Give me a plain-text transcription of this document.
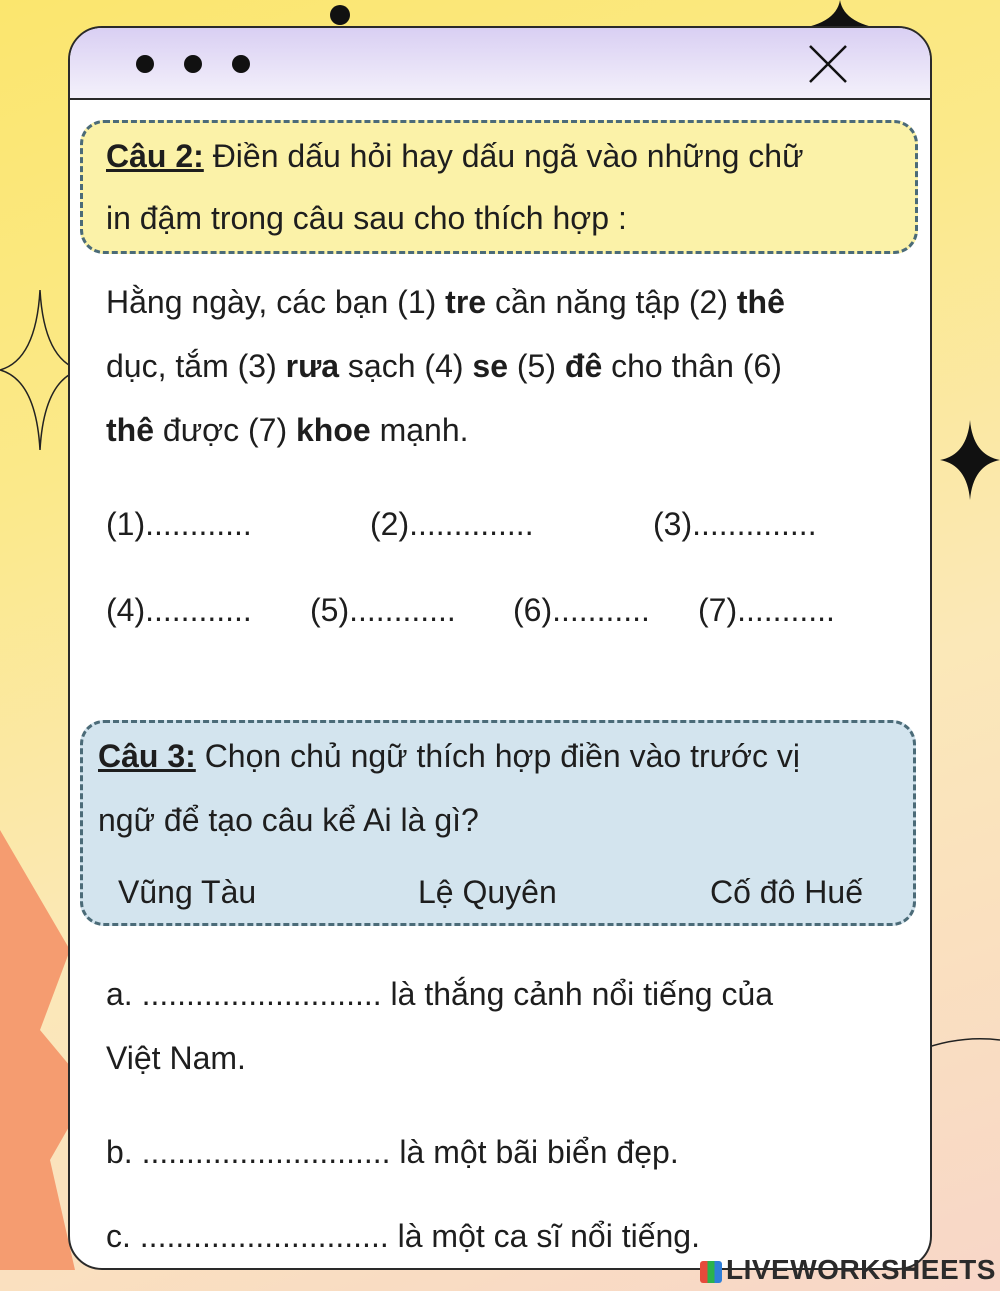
Câu 2: Điền dấu hỏi hay dấu ngã vào những chữ
in đậm trong câu sau cho thích hợp :
Hằng ngày, các bạn (1) tre cần năng tập (2) thê
dục, tắm (3) rưa sạch (4) se (5) đê cho thân (6)
thê được (7) khoe mạnh.
(1)............	(2)..............	(3)..............
(4)............ (5)............ (6)........... (7)...........
Câu 3: Chọn chủ ngữ thích hợp điền vào trước vị
ngữ để tạo câu kể Ai là gì?
Vũng Tàu	Lệ Quyên	Cố đô Huế
a. ........................... là thắng cảnh nổi tiếng của
Việt Nam.
b. ............................ là một bãi biển đẹp.
c. ............................ là một ca sĩ nổi tiếng.
LIVEWORKSHEETS
